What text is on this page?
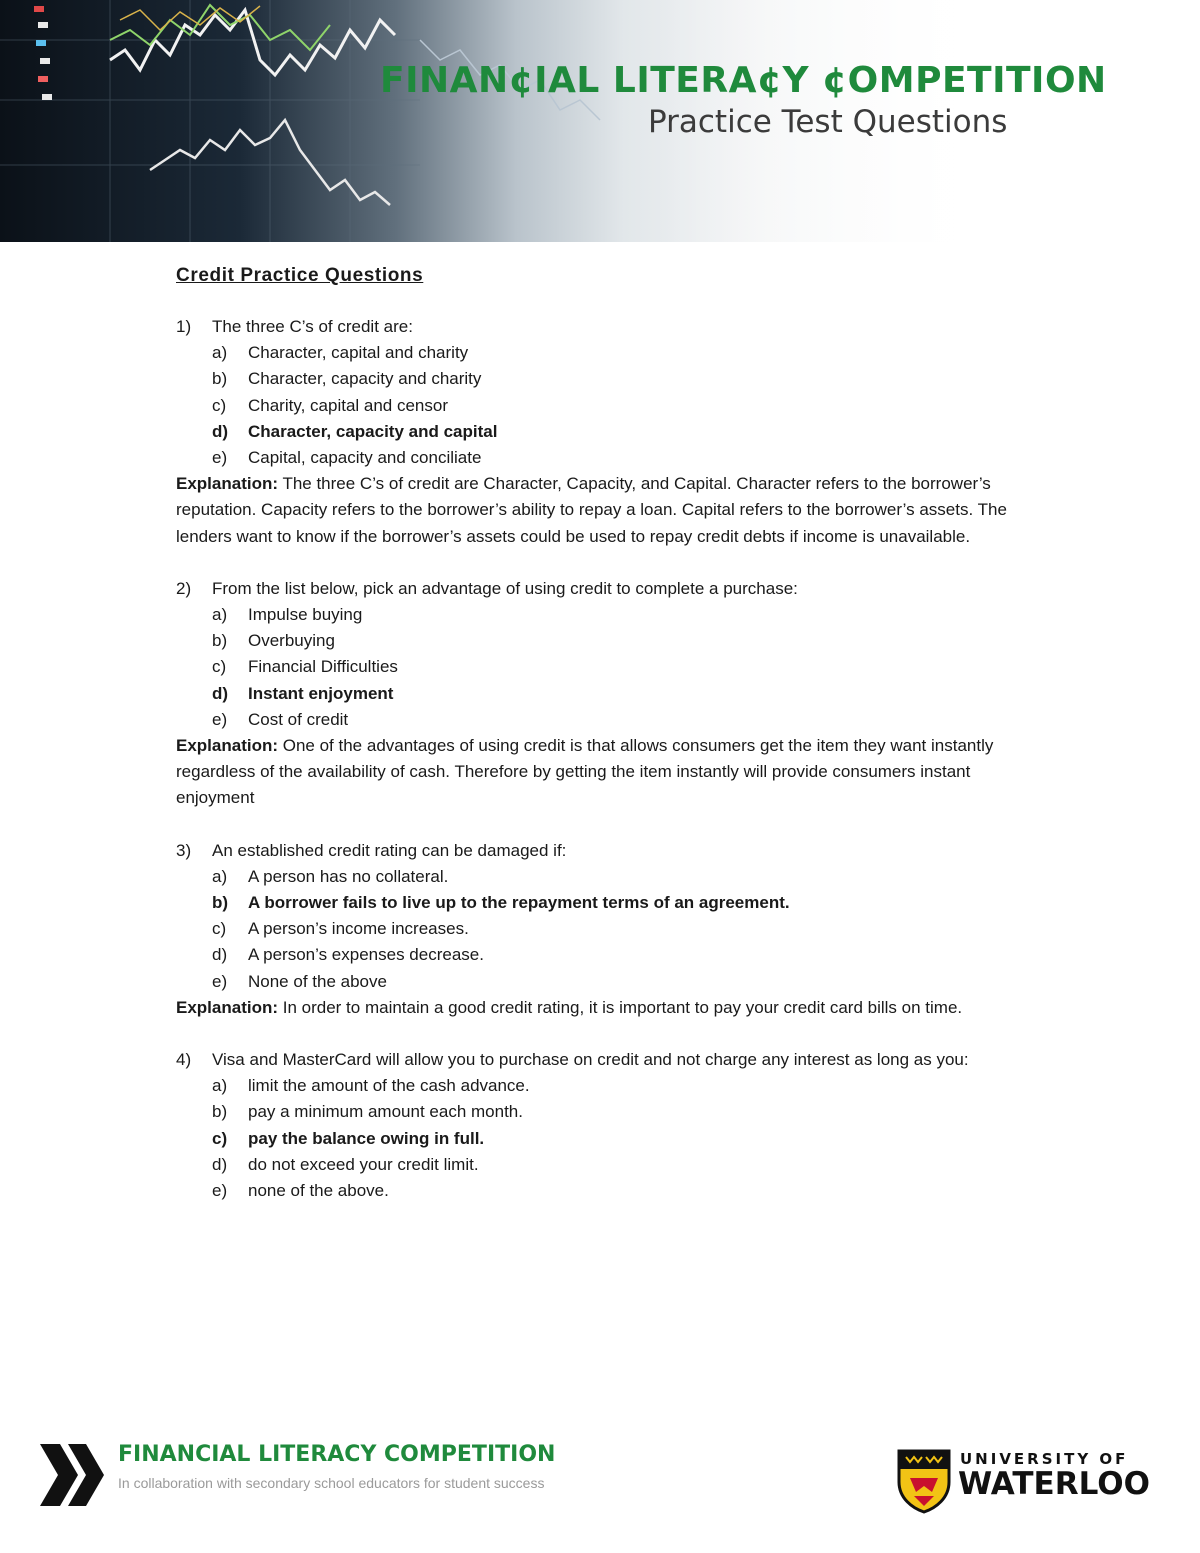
FINAN¢IAL LITERA¢Y ¢OMPETITION
Practice Test Questions
Credit Practice Questions
1)	The three C’s of credit are:
a)	Character, capital and charity
b)	Character, capacity and charity
c)	Charity, capital and censor
d)	Character, capacity and capital
e)	Capital, capacity and conciliate

Explanation: The three C’s of credit are Character, Capacity, and Capital. Character refers to the borrower’s reputation. Capacity refers to the borrower’s ability to repay a loan. Capital refers to the borrower’s assets. The lenders want to know if the borrower’s assets could be used to repay credit debts if income is unavailable.

2)	From the list below, pick an advantage of using credit to complete a purchase:
a)	Impulse buying
b)	Overbuying
c)	Financial Difficulties
d)	Instant enjoyment
e)	Cost of credit

Explanation: One of the advantages of using credit is that allows consumers get the item they want instantly regardless of the availability of cash. Therefore by getting the item instantly will provide consumers instant enjoyment

3)	An established credit rating can be damaged if:
a)	A person has no collateral.
b)	A borrower fails to live up to the repayment terms of an agreement.
c)	A person’s income increases.
d)	A person’s expenses decrease.
e)	None of the above

Explanation: In order to maintain a good credit rating, it is important to pay your credit card bills on time.

4)	Visa and MasterCard will allow you to purchase on credit and not charge any interest as long as you:
a)	limit the amount of the cash advance.
b)	pay a minimum amount each month.
c)	pay the balance owing in full.
d)	do not exceed your credit limit.
e)	none of the above.
FINANCIAL LITERACY COMPETITION
In collaboration with secondary school educators for student success
UNIVERSITY OF
WATERLOO
